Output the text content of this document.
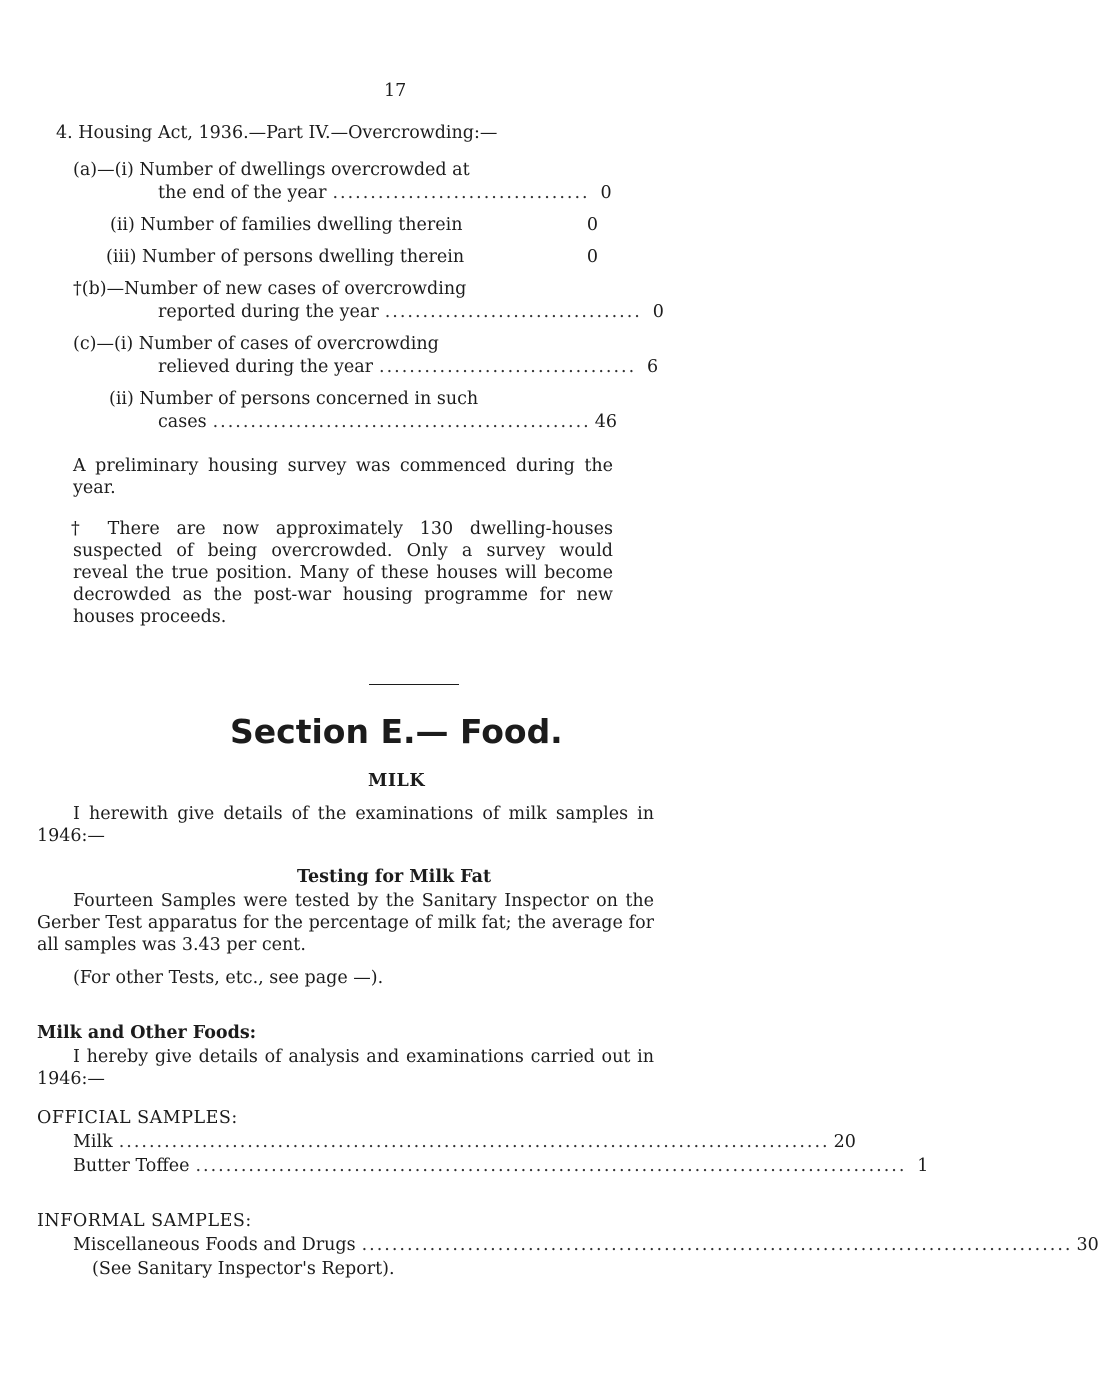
17
4. Housing Act, 1936.—Part IV.—Overcrowding:—
(a)—(i) Number of dwellings overcrowded at
the end of the year .................................. 0
(ii) Number of families dwelling therein	0
(iii) Number of persons dwelling therein	0
†(b)—Number of new cases of overcrowding
reported during the year .................................. 0
(c)—(i) Number of cases of overcrowding
relieved during the year .................................. 6
(ii) Number of persons concerned in such
cases .................................................. 46
A preliminary housing survey was commenced during the year.
† There are now approximately 130 dwelling-houses suspected of being overcrowded. Only a survey would reveal the true position. Many of these houses will become decrowded as the post-war housing programme for new houses proceeds.
Section E.— Food.
MILK
I herewith give details of the examinations of milk samples in 1946:—
Testing for Milk Fat
Fourteen Samples were tested by the Sanitary Inspector on the Gerber Test apparatus for the percentage of milk fat; the average for all samples was 3.43 per cent.
(For other Tests, etc., see page —).
Milk and Other Foods:
I hereby give details of analysis and examinations carried out in 1946:—
OFFICIAL SAMPLES:
Milk .............................................................................................. 20
Butter Toffee .............................................................................................. 1
INFORMAL SAMPLES:
Miscellaneous Foods and Drugs .............................................................................................. 30
(See Sanitary Inspector's Report).
